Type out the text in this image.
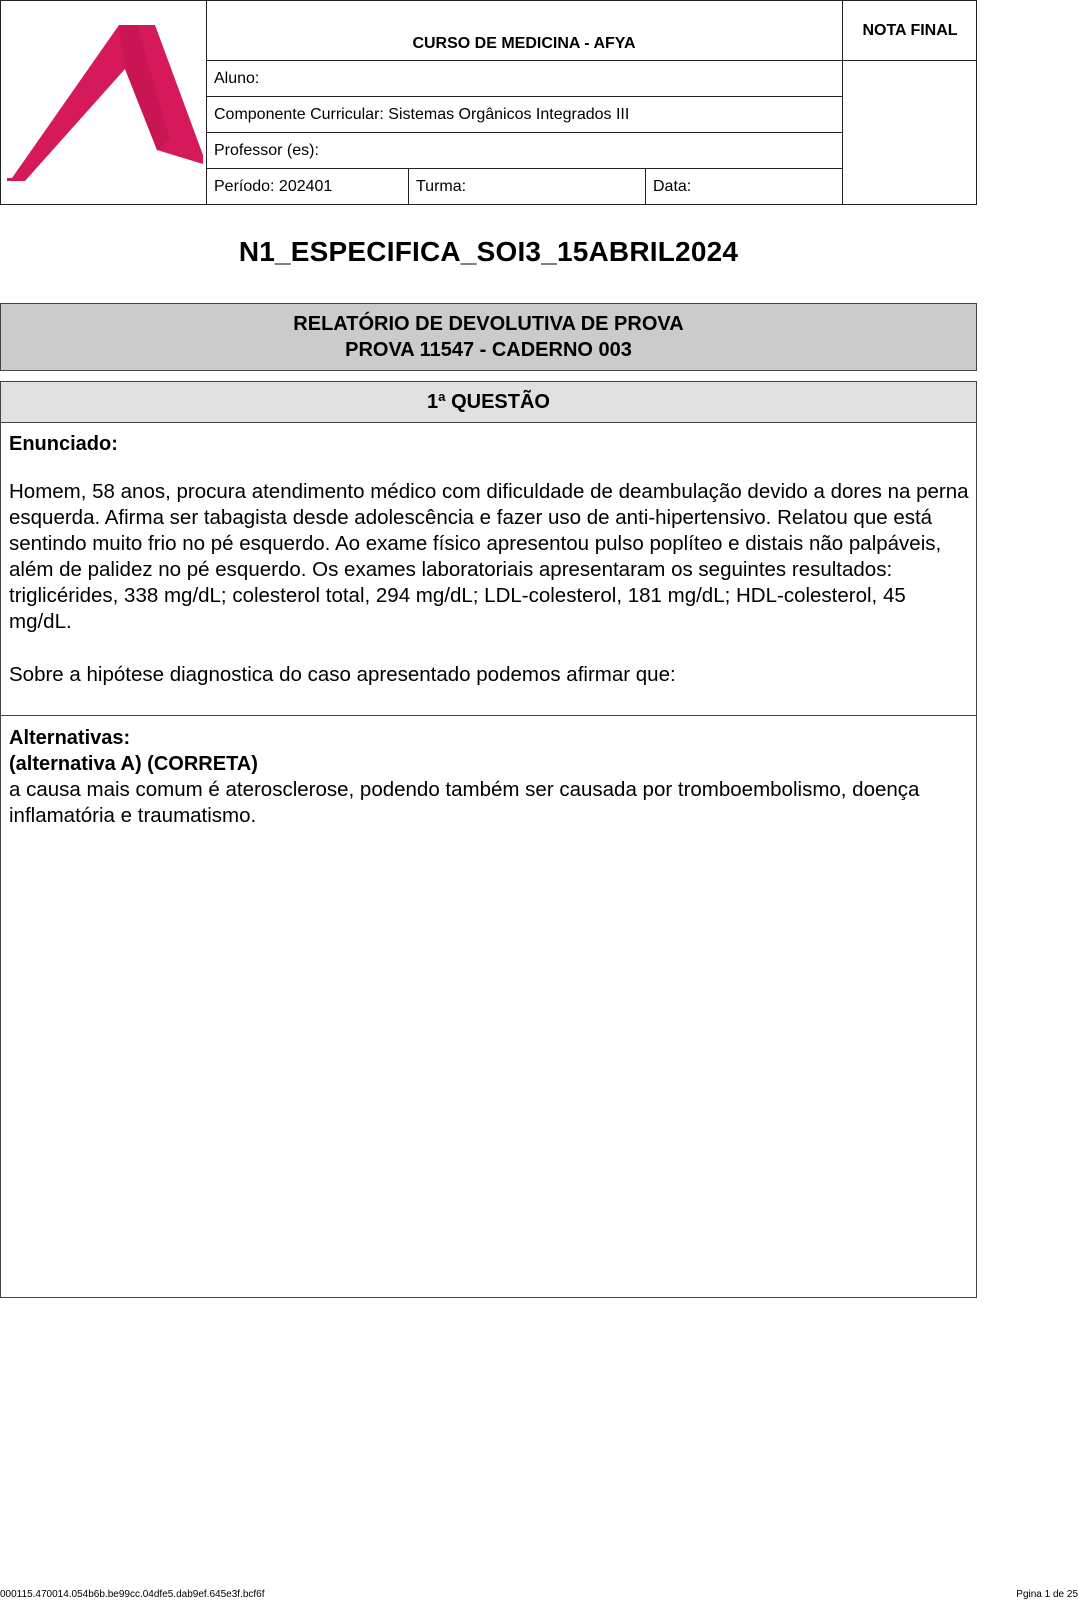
CURSO DE MEDICINA - AFYA
NOTA FINAL
Aluno:
Componente Curricular: Sistemas Orgânicos Integrados III
Professor (es):
Período: 202401	Turma:	Data:
N1_ESPECIFICA_SOI3_15ABRIL2024
RELATÓRIO DE DEVOLUTIVA DE PROVA
PROVA 11547 - CADERNO 003
1ª QUESTÃO
Enunciado:
Homem, 58 anos, procura atendimento médico com dificuldade de deambulação devido a dores na perna esquerda. Afirma ser tabagista desde adolescência e fazer uso de anti-hipertensivo. Relatou que está sentindo muito frio no pé esquerdo. Ao exame físico apresentou pulso poplíteo e distais não palpáveis, além de palidez no pé esquerdo. Os exames laboratoriais apresentaram os seguintes resultados: triglicérides, 338 mg/dL; colesterol total, 294 mg/dL; LDL-colesterol, 181 mg/dL; HDL-colesterol, 45 mg/dL.
Sobre a hipótese diagnostica do caso apresentado podemos afirmar que:
Alternativas:
(alternativa A) (CORRETA)
a causa mais comum é aterosclerose, podendo também ser causada por tromboembolismo, doença inflamatória e traumatismo.
000115.470014.054b6b.be99cc.04dfe5.dab9ef.645e3f.bcf6f	Pgina 1 de 25
